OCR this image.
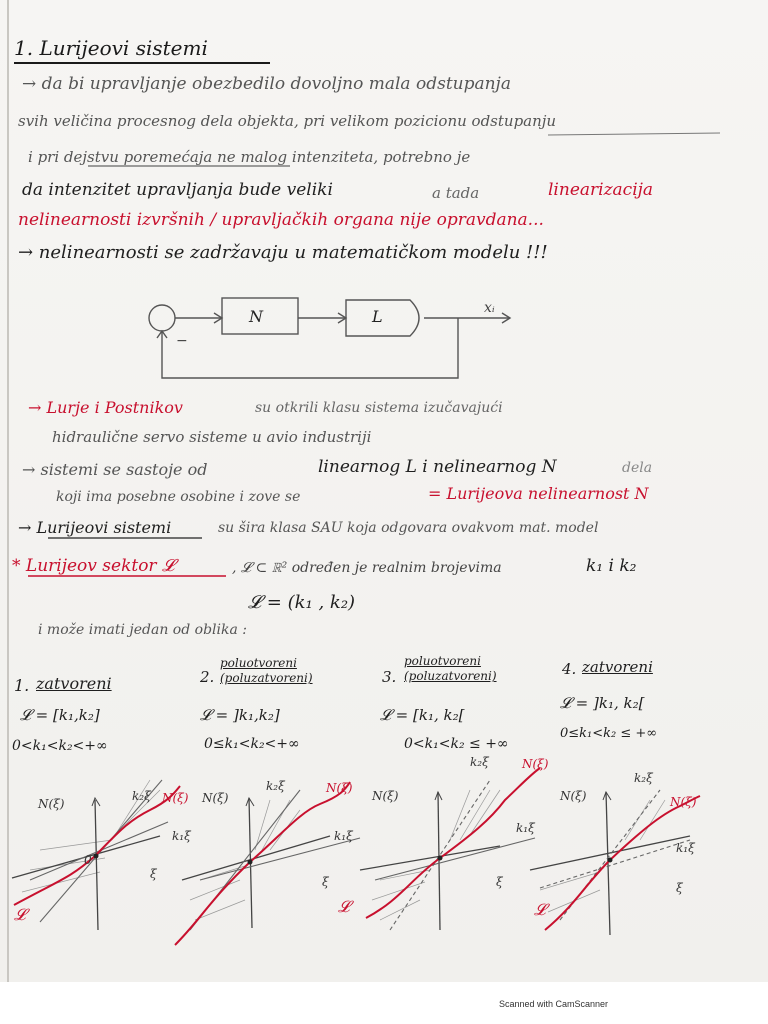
1. Lurijeovi sistemi
→ da bi upravljanje obezbedilo dovoljno mala odstupanja
svih veličina procesnog dela objekta, pri velikom pozicionu odstupanju
i pri dejstvu poremećaja ne malog intenziteta, potrebno je
da intenzitet upravljanja bude veliki	a tada	linearizacija
nelinearnosti izvršnih / upravljačkih organa nije opravdana...
→ nelinearnosti se zadržavaju u matematičkom modelu !!!
→ Lurje i Postnikov	su otkrili klasu sistema izučavajući
hidraulične servo sisteme u avio industriji
→ sistemi se sastoje od	linearnog L i nelinearnog N	dela
koji ima posebne osobine i zove se	= Lurijeova nelinearnost N
→ Lurijeovi sistemi	su šira klasa SAU koja odgovara ovakvom mat. model
* Lurijeov sektor 𝓛	, 𝓛 ⊂ ℝ² određen je realnim brojevima	k₁ i k₂
𝓛 = (k₁ , k₂)
i može imati jedan od oblika :
1. zatvoreni
𝓛 = [k₁,k₂]
0<k₁<k₂<+∞
2.
poluotvoreni (poluzatvoreni)
𝓛 = ]k₁,k₂]
0≤k₁<k₂<+∞
3.
poluotvoreni (poluzatvoreni)
𝓛 = [k₁, k₂[
0<k₁<k₂ ≤ +∞
4. zatvoreni
𝓛 = ]k₁, k₂[
0≤k₁<k₂ ≤ +∞
N	L	xᵢ
−
N(ξ)
k₂ξ
k₁ξ
ξ
0
N(ξ)
k₂ξ
k₁ξ
ξ
N(ξ)
k₂ξ
k₁ξ
ξ
N(ξ)
k₂ξ
k₁ξ
ξ
N(ξ)
N(ξ)
N(ξ)
N(ξ)
𝓛	𝓛	𝓛
Scanned with CamScanner
